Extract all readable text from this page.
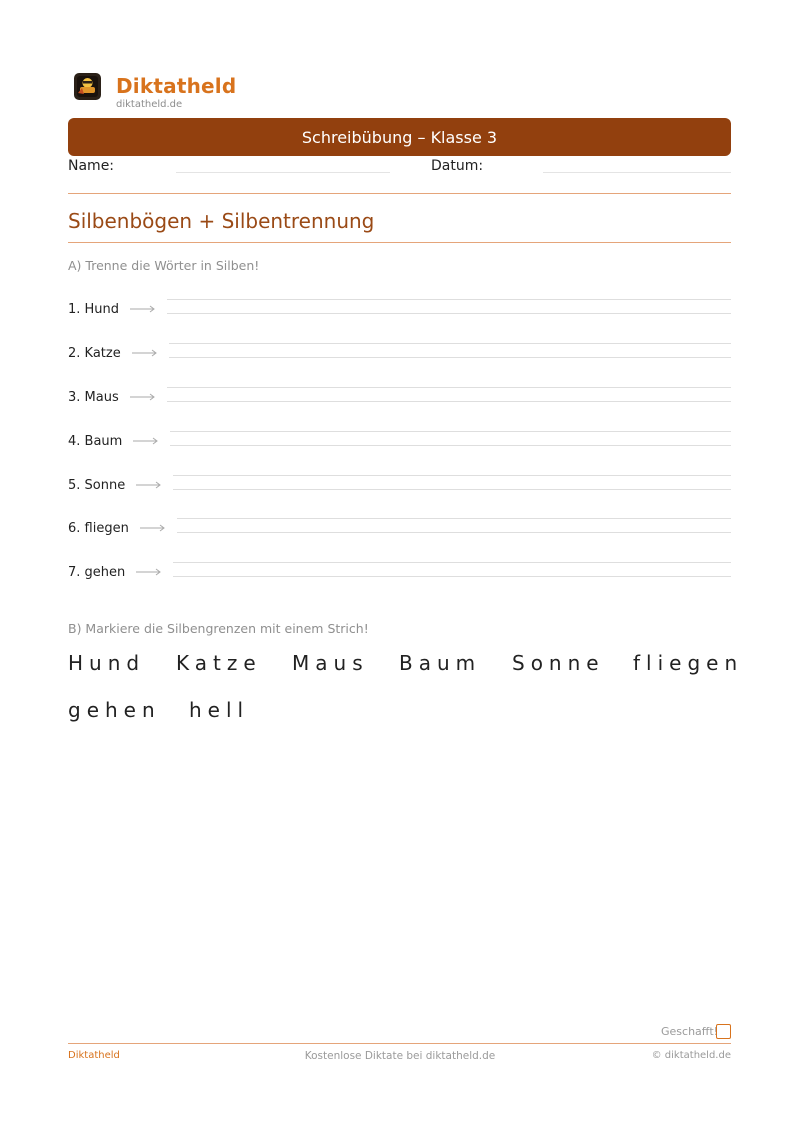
Diktatheld
diktatheld.de
Schreibübung – Klasse 3
Name:	Datum:
Silbenbögen + Silbentrennung
A) Trenne die Wörter in Silben!
1. Hund
2. Katze
3. Maus
4. Baum
5. Sonne
6. fliegen
7. gehen
B) Markiere die Silbengrenzen mit einem Strich!
Hund	Katze	Maus	Baum	Sonne	fliegen
gehen	hell
Geschafft!
Diktatheld	Kostenlose Diktate bei diktatheld.de	© diktatheld.de
